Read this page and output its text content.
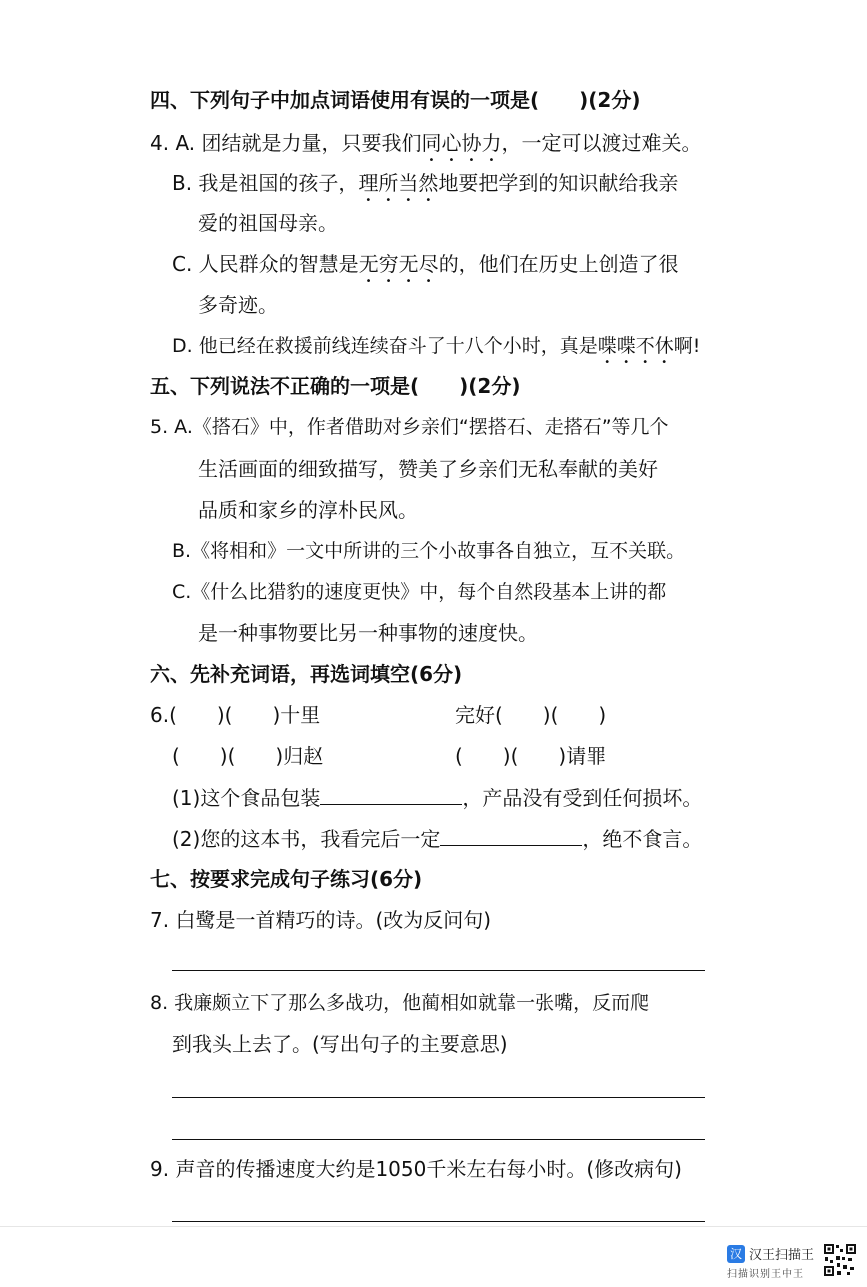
四、下列句子中加点词语使用有误的一项是(　　)(2分)
4. A. 团结就是力量，只要我们同心协力，一定可以渡过难关。
B. 我是祖国的孩子，理所当然地要把学到的知识献给我亲
爱的祖国母亲。
C. 人民群众的智慧是无穷无尽的，他们在历史上创造了很
多奇迹。
D. 他已经在救援前线连续奋斗了十八个小时，真是喋喋不休啊!
五、下列说法不正确的一项是(　　)(2分)
5. A.《搭石》中，作者借助对乡亲们“摆搭石、走搭石”等几个
生活画面的细致描写，赞美了乡亲们无私奉献的美好
品质和家乡的淳朴民风。
B.《将相和》一文中所讲的三个小故事各自独立，互不关联。
C.《什么比猎豹的速度更快》中，每个自然段基本上讲的都
是一种事物要比另一种事物的速度快。
六、先补充词语，再选词填空(6分)
6.(　　)(　　)十里	完好(　　)(　　)
(　　)(　　)归赵	(　　)(　　)请罪
(1)这个食品包装	，产品没有受到任何损坏。
(2)您的这本书，我看完后一定	，绝不食言。
七、按要求完成句子练习(6分)
7. 白鹭是一首精巧的诗。(改为反问句)
8. 我廉颇立下了那么多战功，他蔺相如就靠一张嘴，反而爬
到我头上去了。(写出句子的主要意思)
9. 声音的传播速度大约是1050千米左右每小时。(修改病句)
汉 汉王扫描王
扫描识别王中王
